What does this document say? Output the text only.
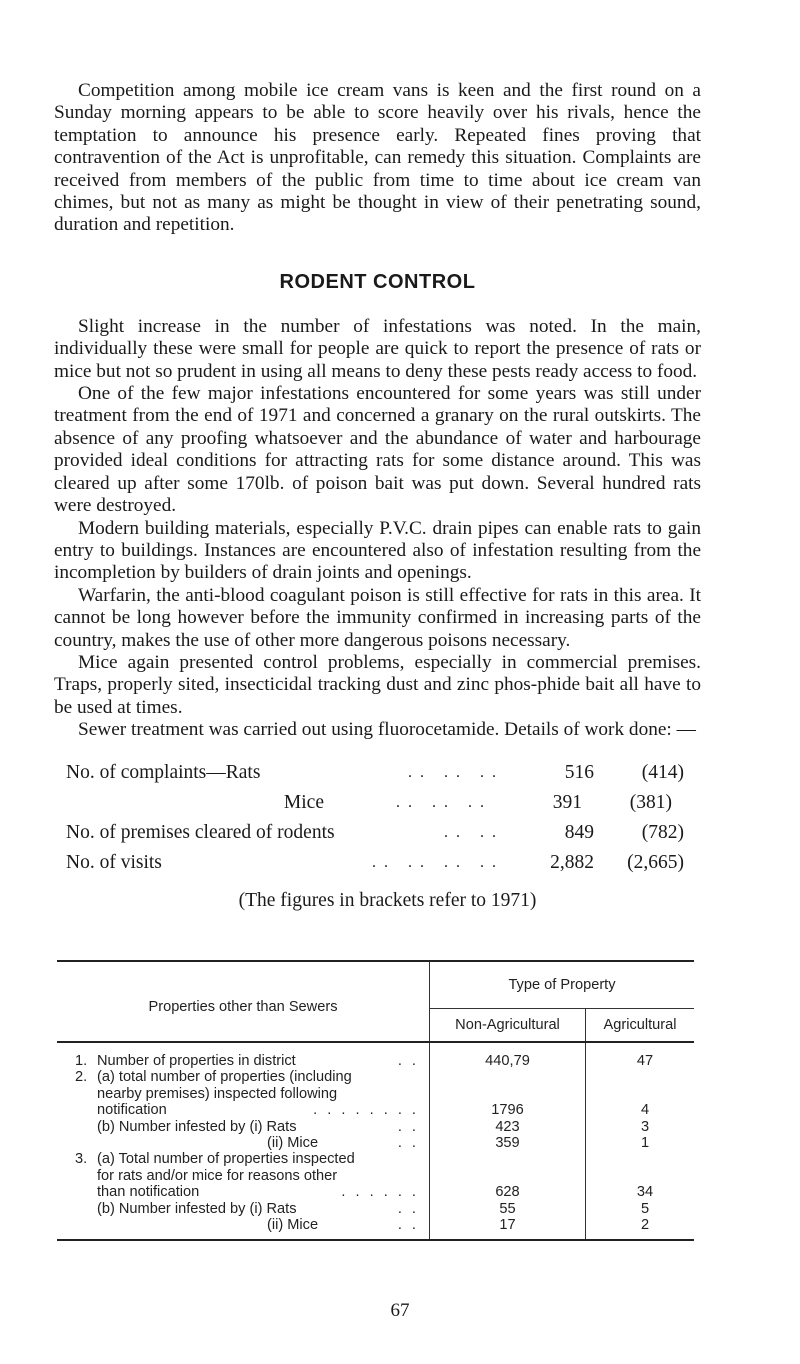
Competition among mobile ice cream vans is keen and the first round on a Sunday morning appears to be able to score heavily over his rivals, hence the temptation to announce his presence early. Repeated fines proving that contravention of the Act is unprofitable, can remedy this situation. Complaints are received from members of the public from time to time about ice cream van chimes, but not as many as might be thought in view of their penetrating sound, duration and repetition.

RODENT CONTROL

Slight increase in the number of infestations was noted. In the main, individually these were small for people are quick to report the presence of rats or mice but not so prudent in using all means to deny these pests ready access to food.

One of the few major infestations encountered for some years was still under treatment from the end of 1971 and concerned a granary on the rural outskirts. The absence of any proofing whatsoever and the abundance of water and harbourage provided ideal conditions for attracting rats for some distance around. This was cleared up after some 170lb. of poison bait was put down. Several hundred rats were destroyed.

Modern building materials, especially P.V.C. drain pipes can enable rats to gain entry to buildings. Instances are encountered also of infestation resulting from the incompletion by builders of drain joints and openings.

Warfarin, the anti-blood coagulant poison is still effective for rats in this area. It cannot be long however before the immunity confirmed in increasing parts of the country, makes the use of other more dangerous poisons necessary.

Mice again presented control problems, especially in commercial premises. Traps, properly sited, insecticidal tracking dust and zinc phos-phide bait all have to be used at times.

Sewer treatment was carried out using fluorocetamide. Details of work done: —

No. of complaints—Rats	. .   . .   . .	516	(414)
Mice	. .   . .   . .	391	(381)
No. of premises cleared of rodents	. .   . .	849	(782)
No. of visits	. .   . .   . .   . .	2,882	(2,665)
(The figures in brackets refer to 1971)
Properties other than Sewers	Type of Property	
	Non-Agricultural	Agricultural
1. Number of properties in district . .	440,79	47
2. (a) total number of properties (including
nearby premises) inspected following
notification . . . . . . . .	1796	4

(b) Number infested by (i) Rats . .	423	3

(ii) Mice . .	359	1
3. (a) Total number of properties inspected
for rats and/or mice for reasons other
than notification . . . . . .	628	34

(b) Number infested by (i) Rats . .	55	5

(ii) Mice . .	17	2
67
